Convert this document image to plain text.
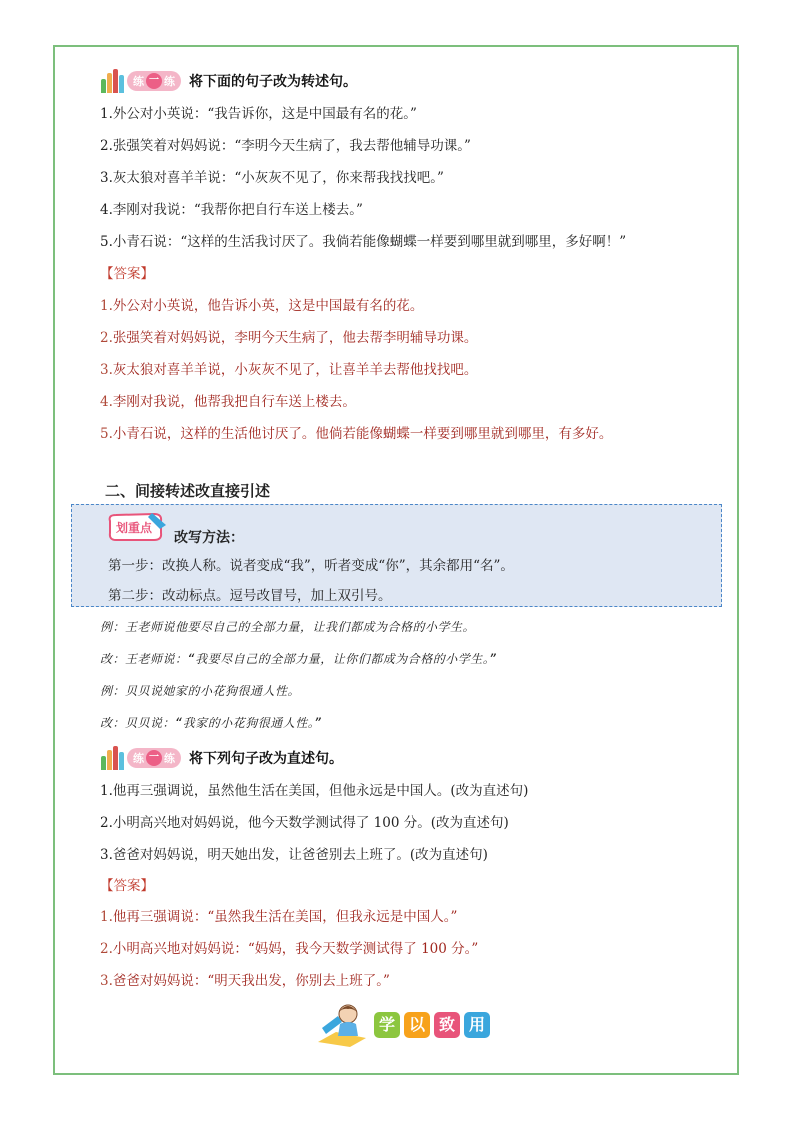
练 一 练 将下面的句子改为转述句。
1.外公对小英说：“我告诉你，这是中国最有名的花。”
2.张强笑着对妈妈说：“李明今天生病了，我去帮他辅导功课。”
3.灰太狼对喜羊羊说：“小灰灰不见了，你来帮我找找吧。”
4.李刚对我说：“我帮你把自行车送上楼去。”
5.小青石说：“这样的生活我讨厌了。我倘若能像蝴蝶一样要到哪里就到哪里，多好啊！”
【答案】
1.外公对小英说，他告诉小英，这是中国最有名的花。
2.张强笑着对妈妈说，李明今天生病了，他去帮李明辅导功课。
3.灰太狼对喜羊羊说，小灰灰不见了，让喜羊羊去帮他找找吧。
4.李刚对我说，他帮我把自行车送上楼去。
5.小青石说，这样的生活他讨厌了。他倘若能像蝴蝶一样要到哪里就到哪里，有多好。
二、间接转述改直接引述
划重点
改写方法：
第一步：改换人称。说者变成“我”，听者变成“你”，其余都用“名”。
第二步：改动标点。逗号改冒号，加上双引号。
例：王老师说他要尽自己的全部力量，让我们都成为合格的小学生。
改：王老师说：“我要尽自己的全部力量，让你们都成为合格的小学生。”
例：贝贝说她家的小花狗很通人性。
改：贝贝说：“我家的小花狗很通人性。”
练 一 练 将下列句子改为直述句。
1.他再三强调说，虽然他生活在美国，但他永远是中国人。(改为直述句)
2.小明高兴地对妈妈说，他今天数学测试得了 100 分。(改为直述句)
3.爸爸对妈妈说，明天她出发，让爸爸别去上班了。(改为直述句)
【答案】
1.他再三强调说：“虽然我生活在美国，但我永远是中国人。”
2.小明高兴地对妈妈说：“妈妈，我今天数学测试得了 100 分。”
3.爸爸对妈妈说：“明天我出发，你别去上班了。”
学 以 致 用
